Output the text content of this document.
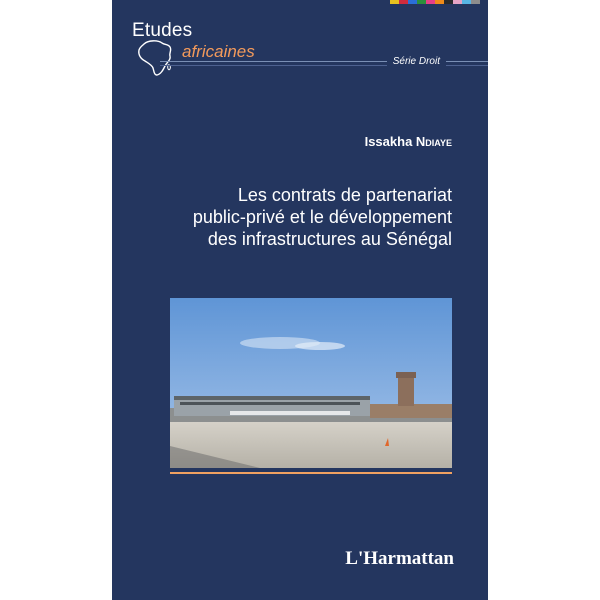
Etudes
africaines
Série Droit
Issakha Ndiaye
Les contrats de partenariat
public-privé et le développement
des infrastructures au Sénégal
L'Harmattan
